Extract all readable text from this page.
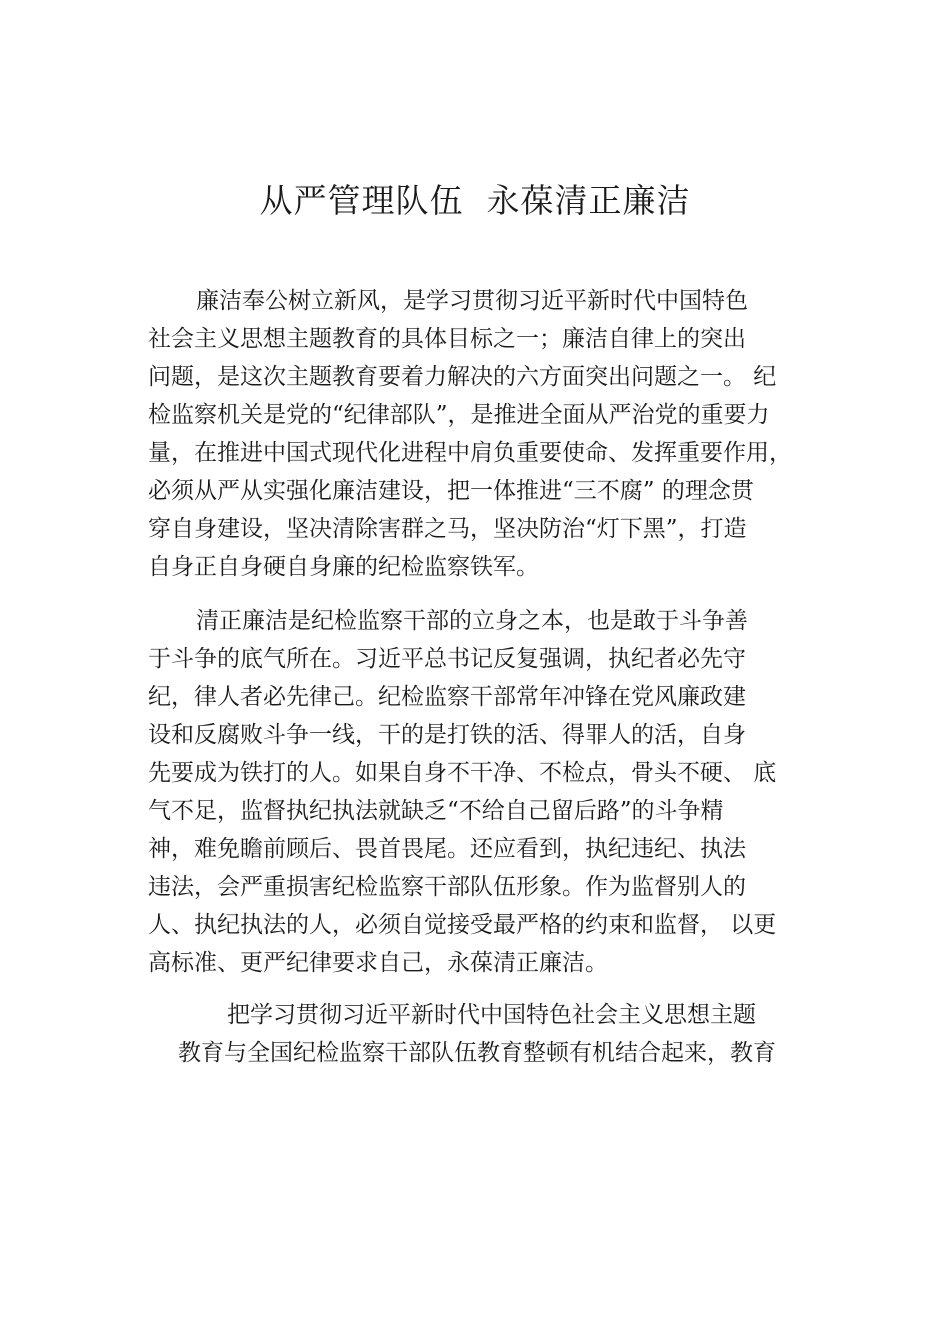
从严管理队伍  永葆清正廉洁
廉洁奉公树立新风，是学习贯彻习近平新时代中国特色
社会主义思想主题教育的具体目标之一；廉洁自律上的突出
问题，是这次主题教育要着力解决的六方面突出问题之一。 纪
检监察机关是党的“纪律部队”，是推进全面从严治党的重要力
量，在推进中国式现代化进程中肩负重要使命、发挥重要作用，
必须从严从实强化廉洁建设，把一体推进“三不腐” 的理念贯
穿自身建设，坚决清除害群之马，坚决防治“灯下黑”，打造
自身正自身硬自身廉的纪检监察铁军。
清正廉洁是纪检监察干部的立身之本，也是敢于斗争善
于斗争的底气所在。习近平总书记反复强调，执纪者必先守
纪，律人者必先律己。纪检监察干部常年冲锋在党风廉政建
设和反腐败斗争一线，干的是打铁的活、得罪人的活，自身
先要成为铁打的人。如果自身不干净、不检点，骨头不硬、 底
气不足，监督执纪执法就缺乏“不给自己留后路”的斗争精
神，难免瞻前顾后、畏首畏尾。还应看到，执纪违纪、执法
违法，会严重损害纪检监察干部队伍形象。作为监督别人的
人、执纪执法的人，必须自觉接受最严格的约束和监督， 以更
高标准、更严纪律要求自己，永葆清正廉洁。
把学习贯彻习近平新时代中国特色社会主义思想主题
教育与全国纪检监察干部队伍教育整顿有机结合起来，教育
